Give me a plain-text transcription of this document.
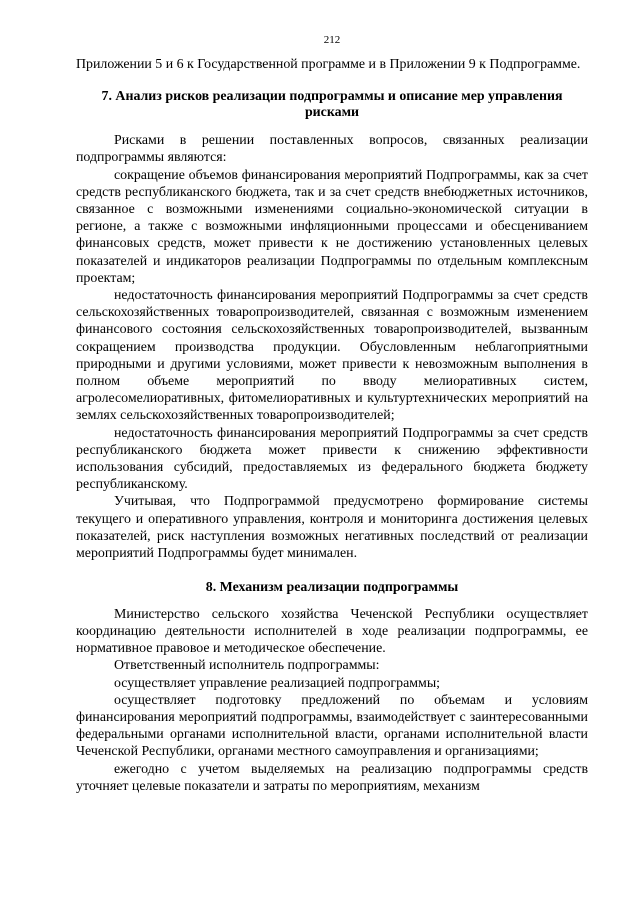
212

Приложении 5 и 6 к Государственной программе и в Приложении 9 к Подпрограмме.

7. Анализ рисков реализации подпрограммы и описание мер управления рисками

Рисками в решении поставленных вопросов, связанных реализации подпрограммы являются:

сокращение объемов финансирования мероприятий Подпрограммы, как за счет средств республиканского бюджета, так и за счет средств внебюджетных источников, связанное с возможными изменениями социально-экономической ситуации в регионе, а также с возможными инфляционными процессами и обесцениванием финансовых средств, может привести к не достижению установленных целевых показателей и индикаторов реализации Подпрограммы по отдельным комплексным проектам;

недостаточность финансирования мероприятий Подпрограммы за счет средств сельскохозяйственных товаропроизводителей, связанная с возможным изменением финансового состояния сельскохозяйственных товаропроизводителей, вызванным сокращением производства продукции. Обусловленным неблагоприятными природными и другими условиями, может привести к невозможным выполнения в полном объеме мероприятий по вводу мелиоративных систем, агролесомелиоративных, фитомелиоративных и культуртехнических мероприятий на землях сельскохозяйственных товаропроизводителей;

недостаточность финансирования мероприятий Подпрограммы за счет средств республиканского бюджета может привести к снижению эффективности использования субсидий, предоставляемых из федерального бюджета бюджету республиканскому.

Учитывая, что Подпрограммой предусмотрено формирование системы текущего и оперативного управления, контроля и мониторинга достижения целевых показателей, риск наступления возможных негативных последствий от реализации мероприятий Подпрограммы будет минимален.

8. Механизм реализации подпрограммы

Министерство сельского хозяйства Чеченской Республики осуществляет координацию деятельности исполнителей в ходе реализации подпрограммы, ее нормативное правовое и методическое обеспечение.

Ответственный исполнитель подпрограммы:

осуществляет управление реализацией подпрограммы;

осуществляет подготовку предложений по объемам и условиям финансирования мероприятий подпрограммы, взаимодействует с заинтересованными федеральными органами исполнительной власти, органами исполнительной власти Чеченской Республики, органами местного самоуправления и организациями;

ежегодно с учетом выделяемых на реализацию подпрограммы средств уточняет целевые показатели и затраты по мероприятиям, механизм
